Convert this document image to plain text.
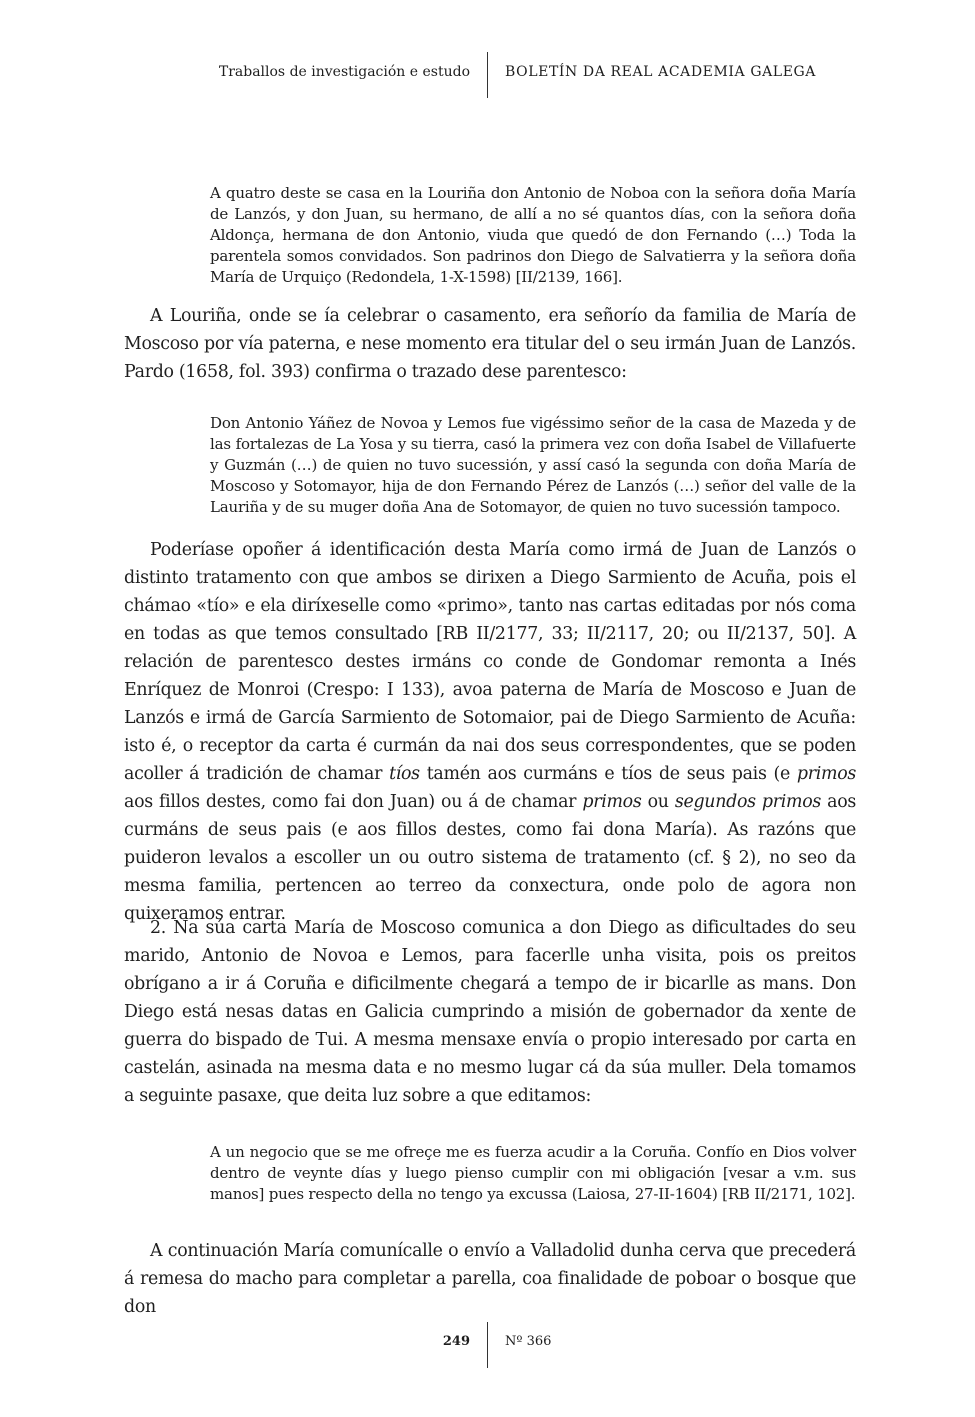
Traballos de investigación e estudo	BOLETÍN DA REAL ACADEMIA GALEGA
A quatro deste se casa en la Louriña don Antonio de Noboa con la señora doña María de Lanzós, y don Juan, su hermano, de allí a no sé quantos días, con la señora doña Aldonça, hermana de don Antonio, viuda que quedó de don Fernando (…) Toda la parentela somos convidados. Son padrinos don Diego de Salvatierra y la señora doña María de Urquiço (Redondela, 1-X-1598) [II/2139, 166].
A Louriña, onde se ía celebrar o casamento, era señorío da familia de María de Moscoso por vía paterna, e nese momento era titular del o seu irmán Juan de Lanzós. Pardo (1658, fol. 393) confirma o trazado dese parentesco:
Don Antonio Yáñez de Novoa y Lemos fue vigéssimo señor de la casa de Mazeda y de las fortalezas de La Yosa y su tierra, casó la primera vez con doña Isabel de Villafuerte y Guzmán (…) de quien no tuvo sucessión, y assí casó la segunda con doña María de Moscoso y Sotomayor, hija de don Fernando Pérez de Lanzós (…) señor del valle de la Lauriña y de su muger doña Ana de Sotomayor, de quien no tuvo sucessión tampoco.
Poderíase opoñer á identificación desta María como irmá de Juan de Lanzós o distinto tratamento con que ambos se dirixen a Diego Sarmiento de Acuña, pois el chámao «tío» e ela diríxeselle como «primo», tanto nas cartas editadas por nós coma en todas as que temos consultado [RB II/2177, 33; II/2117, 20; ou II/2137, 50]. A relación de parentesco destes irmáns co conde de Gondomar remonta a Inés Enríquez de Monroi (Crespo: I 133), avoa paterna de María de Moscoso e Juan de Lanzós e irmá de García Sarmiento de Sotomaior, pai de Diego Sarmiento de Acuña: isto é, o receptor da carta é curmán da nai dos seus correspondentes, que se poden acoller á tradición de chamar tíos tamén aos curmáns e tíos de seus pais (e primos aos fillos destes, como fai don Juan) ou á de chamar primos ou segundos primos aos curmáns de seus pais (e aos fillos destes, como fai dona María). As razóns que puideron levalos a escoller un ou outro sistema de tratamento (cf. § 2), no seo da mesma familia, pertencen ao terreo da conxectura, onde polo de agora non quixeramos entrar.
2. Na súa carta María de Moscoso comunica a don Diego as dificultades do seu marido, Antonio de Novoa e Lemos, para facerlle unha visita, pois os preitos obrígano a ir á Coruña e dificilmente chegará a tempo de ir bicarlle as mans. Don Diego está nesas datas en Galicia cumprindo a misión de gobernador da xente de guerra do bispado de Tui. A mesma mensaxe envía o propio interesado por carta en castelán, asinada na mesma data e no mesmo lugar cá da súa muller. Dela tomamos a seguinte pasaxe, que deita luz sobre a que editamos:
A un negocio que se me ofreçe me es fuerza acudir a la Coruña. Confío en Dios volver dentro de veynte días y luego pienso cumplir con mi obligación [vesar a v.m. sus manos] pues respecto della no tengo ya excussa (Laiosa, 27-II-1604) [RB II/2171, 102].
A continuación María comunícalle o envío a Valladolid dunha cerva que precederá á remesa do macho para completar a parella, coa finalidade de poboar o bosque que don
249	Nº 366
